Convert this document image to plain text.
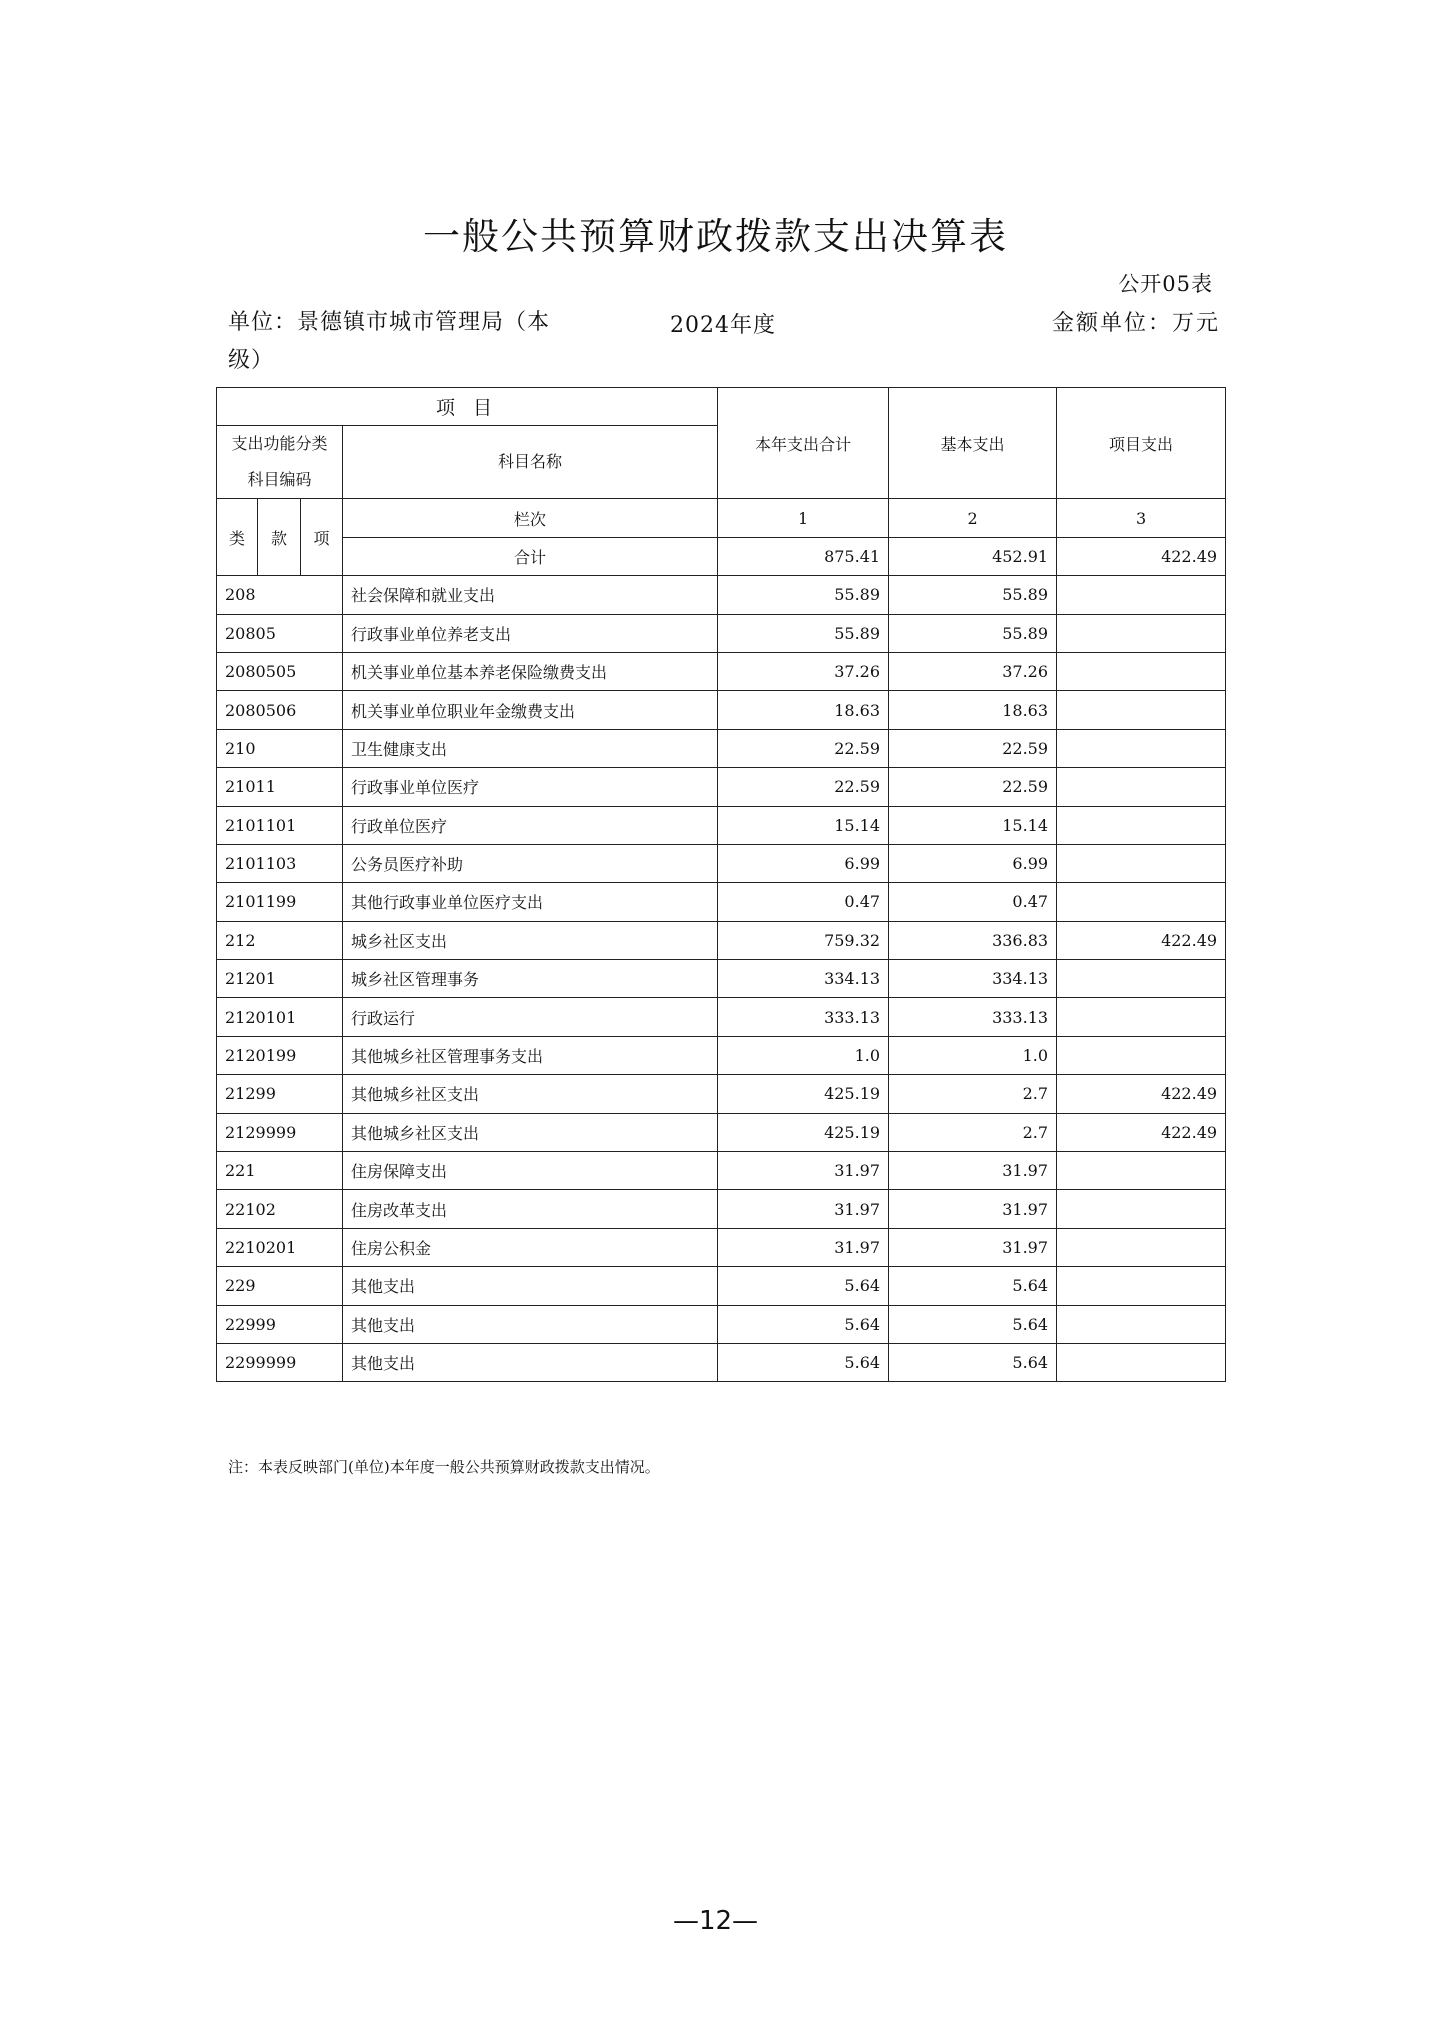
一般公共预算财政拨款支出决算表
公开05表
单位：景德镇市城市管理局（本级）
2024年度	金额单位：万元
项 目				本年支出合计	基本支出	项目支出

支出功能分类
科目编码			科目名称			
类	款	项	栏次	1	2	3
			合计	875.41	452.91	422.49
208			社会保障和就业支出	55.89	55.89	
20805			行政事业单位养老支出	55.89	55.89	
2080505			机关事业单位基本养老保险缴费支出	37.26	37.26	
2080506			机关事业单位职业年金缴费支出	18.63	18.63	
210			卫生健康支出	22.59	22.59	
21011			行政事业单位医疗	22.59	22.59	
2101101			行政单位医疗	15.14	15.14	
2101103			公务员医疗补助	6.99	6.99	
2101199			其他行政事业单位医疗支出	0.47	0.47	
212			城乡社区支出	759.32	336.83	422.49
21201			城乡社区管理事务	334.13	334.13	
2120101			行政运行	333.13	333.13	
2120199			其他城乡社区管理事务支出	1.0	1.0	
21299			其他城乡社区支出	425.19	2.7	422.49
2129999			其他城乡社区支出	425.19	2.7	422.49
221			住房保障支出	31.97	31.97	
22102			住房改革支出	31.97	31.97	
2210201			住房公积金	31.97	31.97	
229			其他支出	5.64	5.64	
22999			其他支出	5.64	5.64	
2299999			其他支出	5.64	5.64	
注：本表反映部门(单位)本年度一般公共预算财政拨款支出情况。
—12—
